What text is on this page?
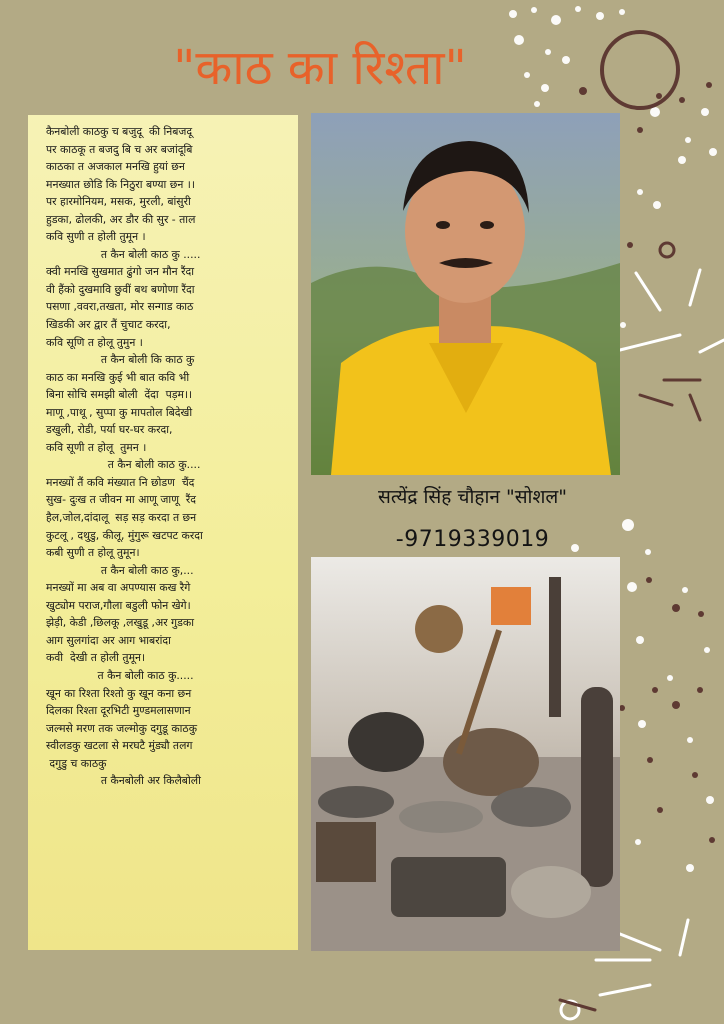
"काठ का रिश्ता"

कैनबोली काठकु च बजुदू  की निबजदू

पर काठकू त बजदु बि च अर बजांदूबि

काठका त अजकाल मनखि हुयां छन

मनख्यात छोडि कि निठुरा बण्या छन ।।

पर हारमोनियम, मसक, मुरली, बांसुरी

हुडका, ढोलकी, अर डौर की सुर - ताल

कवि सुणी त होली तुमून ।

त कैन बोली काठ कु .....

क्वी मनखि सुखमात ढुंगो जन मौन रैंदा

वी हैंको दुखमावि छुवीं बथ बणोणा रैंदा

पसणा ,ववरा,तखता, मोर सन्गाड काठ

खिडकी अर द्वार तैं चुचाट करदा,

कवि सूणि त होलू तुमुन ।

त कैन बोली कि काठ कु

काठ का मनखि कुई भी बात कवि भी

बिना सोचि समझी बोली  देंदा  पड़म।।

माणू ,पाथू , सुप्पा कु मापतोल बिदेखी

डखुली, रोडी, पर्या घर-घर करदा,

कवि सूणी त होलू  तुमन ।

त कैन बोली काठ कु....

मनख्यों तैं कवि मंख्यात नि छोडण  चैंद

सुख- दुःख त जीवन मा आणू जाणू  रैंद

हैल,जोल,दांदालू  सड़ सड़ करदा त छन

कुटलू , दथुडु, कीलू, मुंगुरू खटपट करदा

कबी सुणी त होलू तुमून।

त कैन बोली काठ कु,...

मनख्यों मा अब वा अपण्यास कख रैगे

खुट्योम पराज,गौला बडुली फोन खेगे।

झेड़ी, केडी ,छिलकू ,लखुडू ,अर गुडका

आग सुलगांदा अर आग भाबरांदा

कवी  देखी त होली तुमून।

त कैन बोली काठ कु.....

खून का रिश्ता रिश्तो कु खून कना छन

दिलका रिश्ता दूरभिटी मुण्डमलासणान

जल्मसे मरण तक जल्मोकु दगुडू काठकु

स्वीलडकु खटला से मरघटै मुंड्यौ तलग

दगुडु च काठकु

त कैनबोली अर किलैबोली

सत्येंद्र सिंह चौहान "सोशल"

-9719339019
